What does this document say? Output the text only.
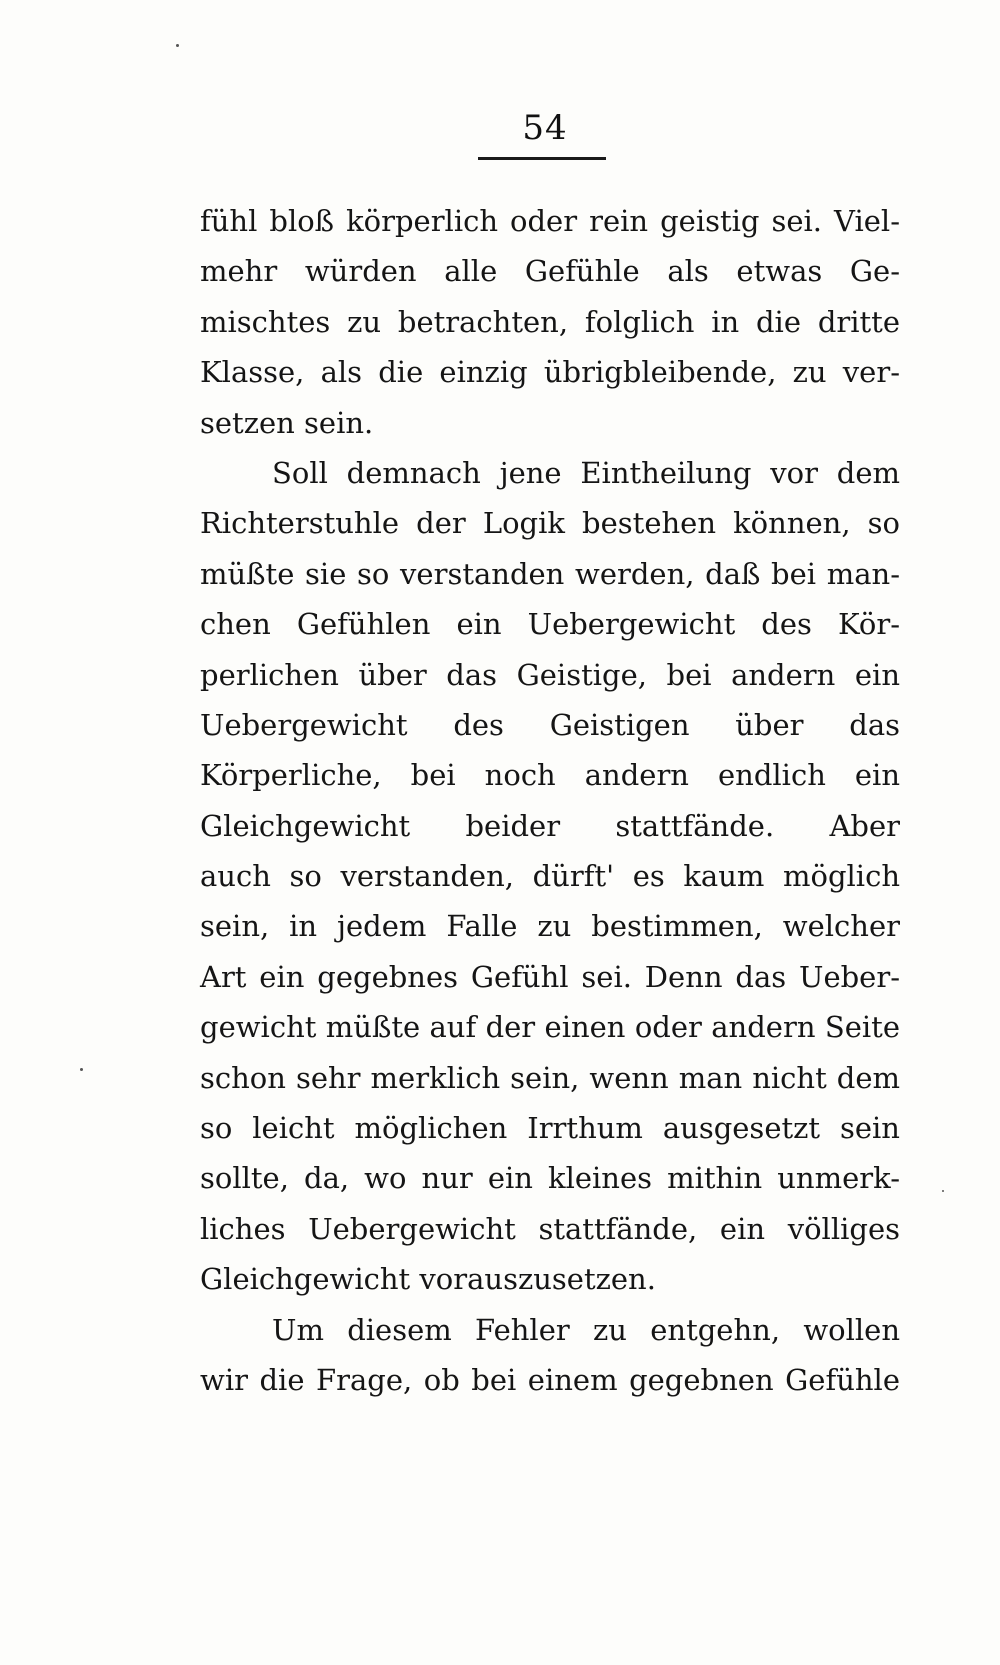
54
fühl bloß körperlich oder rein geistig sei. Viel-
mehr würden alle Gefühle als etwas Ge-
mischtes zu betrachten, folglich in die dritte
Klasse, als die einzig übrigbleibende, zu ver-
setzen sein.
Soll demnach jene Eintheilung vor dem
Richterstuhle der Logik bestehen können, so
müßte sie so verstanden werden, daß bei man-
chen Gefühlen ein Uebergewicht des Kör-
perlichen über das Geistige, bei andern ein
Uebergewicht des Geistigen über das
Körperliche, bei noch andern endlich ein
Gleichgewicht beider stattfände. Aber
auch so verstanden, dürft' es kaum möglich
sein, in jedem Falle zu bestimmen, welcher
Art ein gegebnes Gefühl sei. Denn das Ueber-
gewicht müßte auf der einen oder andern Seite
schon sehr merklich sein, wenn man nicht dem
so leicht möglichen Irrthum ausgesetzt sein
sollte, da, wo nur ein kleines mithin unmerk-
liches Uebergewicht stattfände, ein völliges
Gleichgewicht vorauszusetzen.
Um diesem Fehler zu entgehn, wollen
wir die Frage, ob bei einem gegebnen Gefühle
